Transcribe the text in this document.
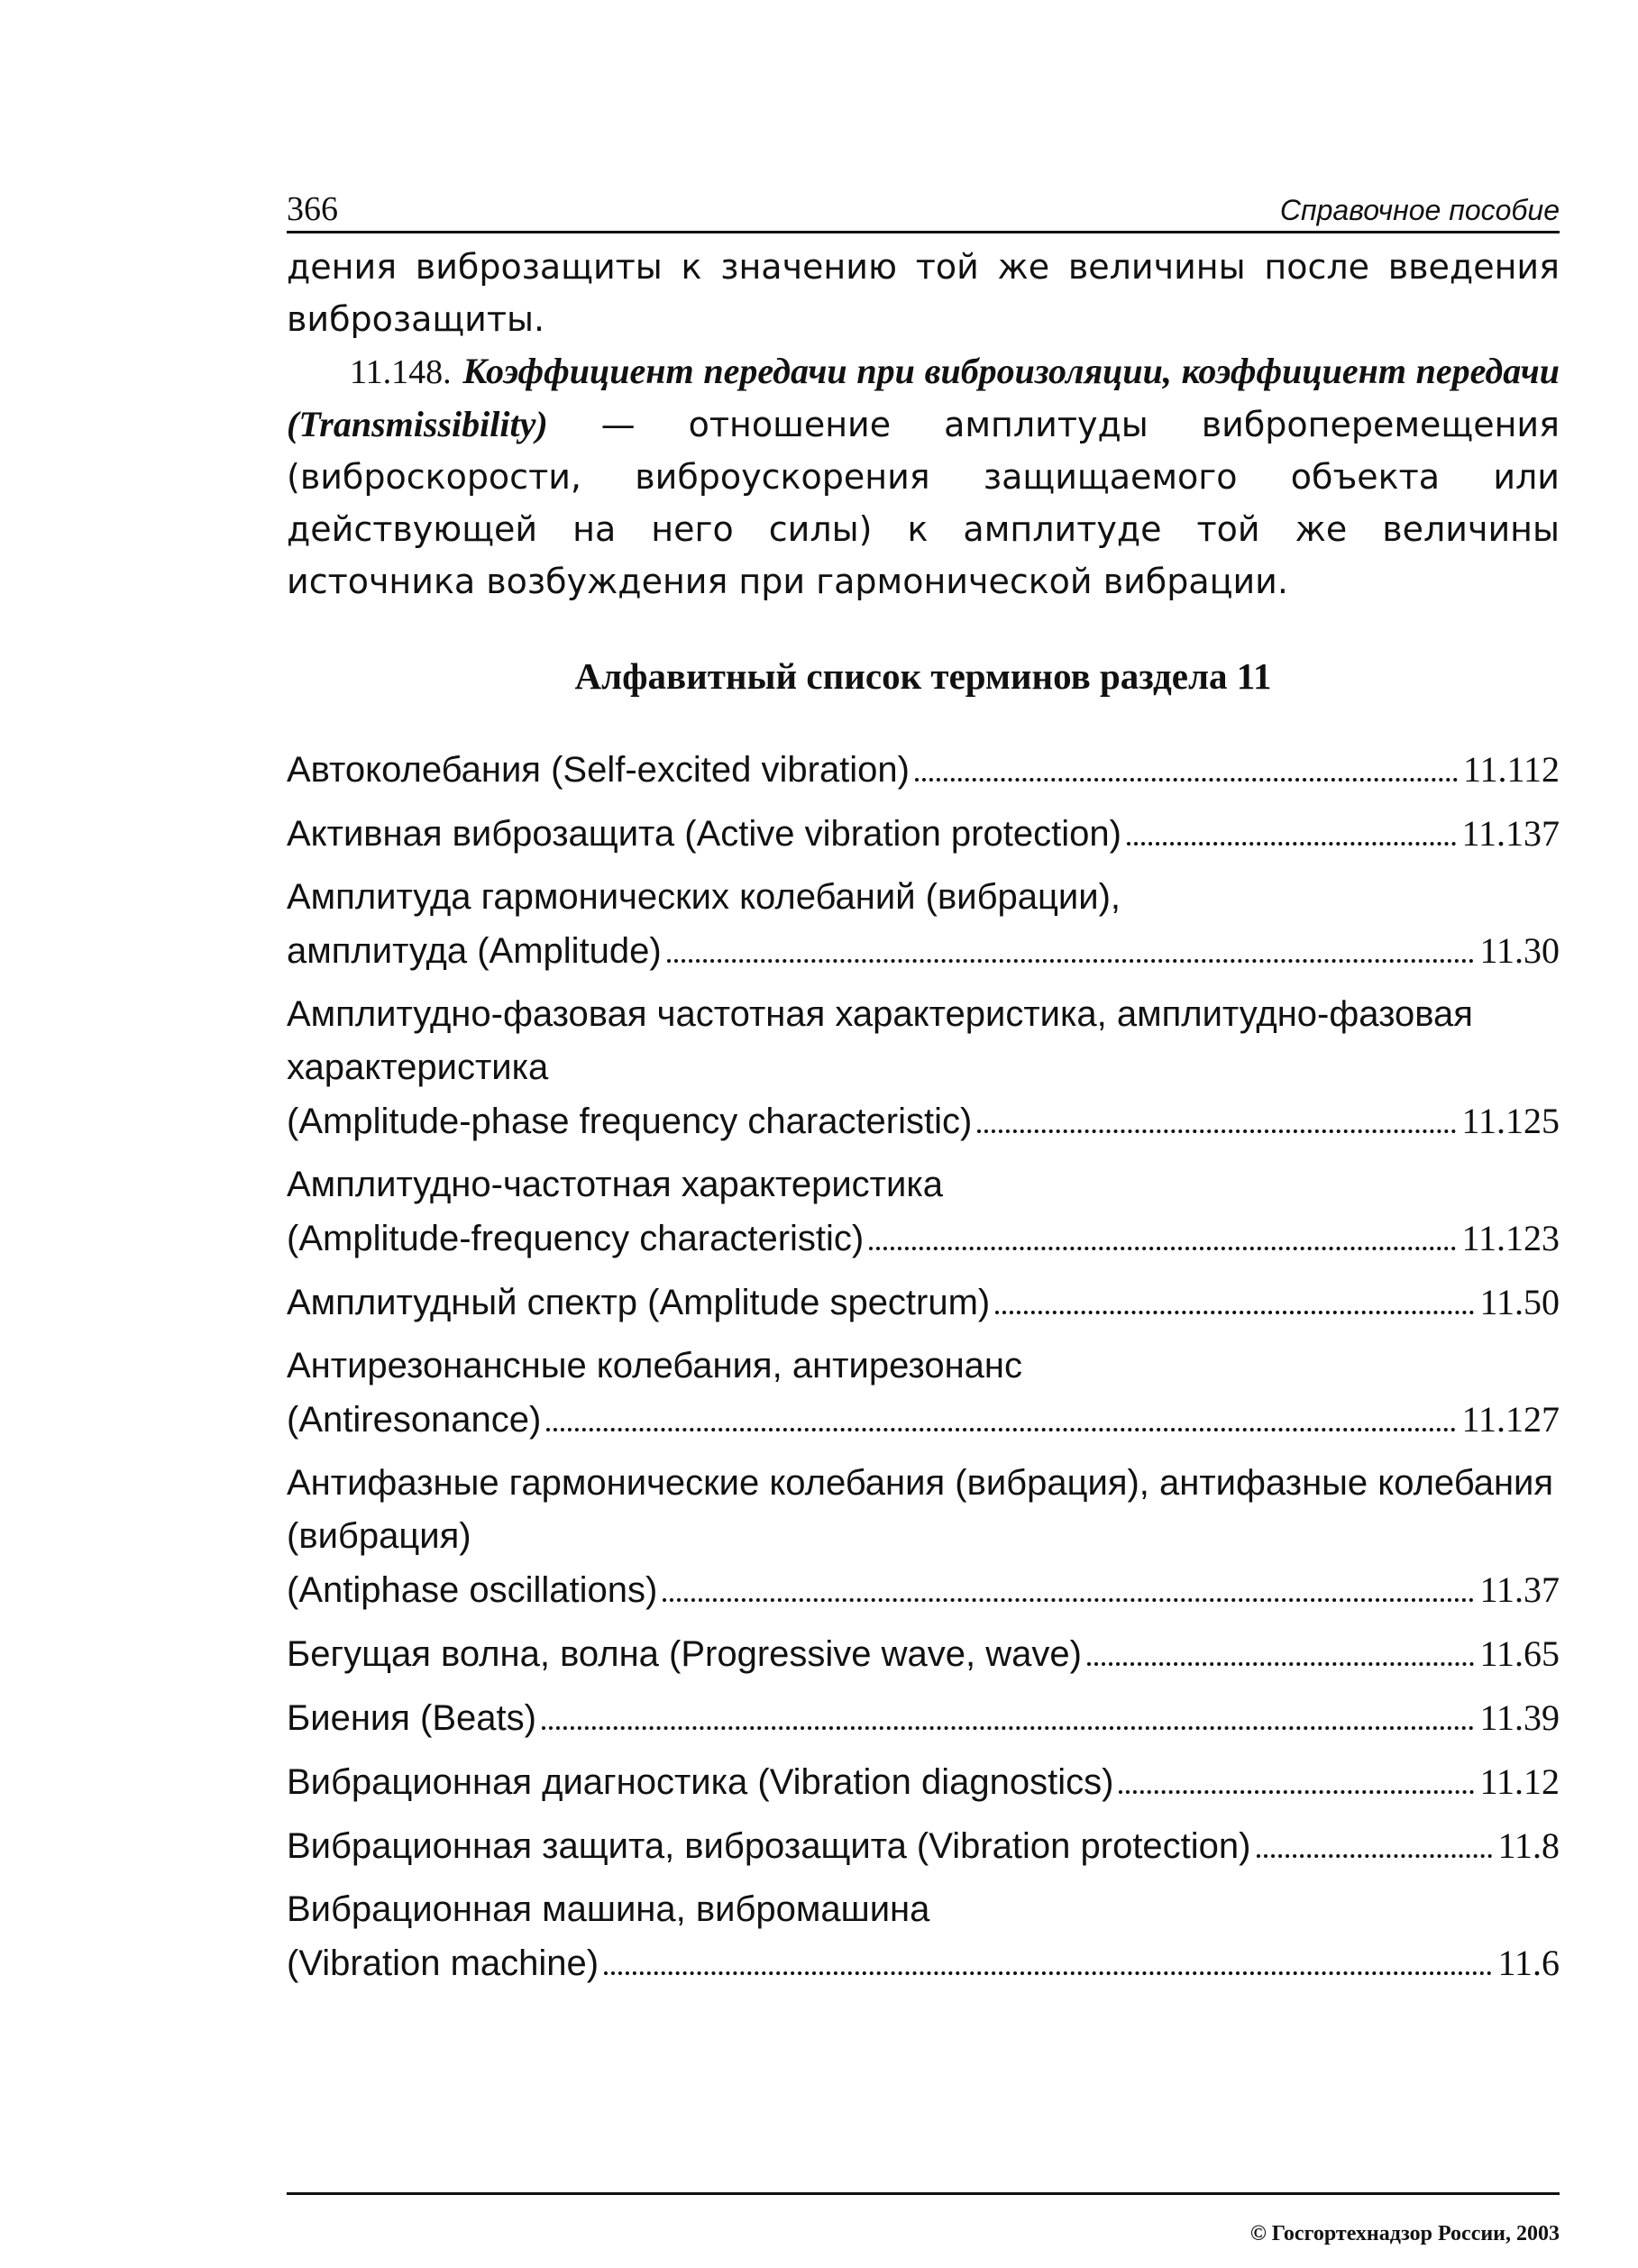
366	Справочное пособие

дения виброзащиты к значению той же величины после введения виброзащиты.

11.148. Коэффициент передачи при виброизоляции, коэффициент передачи (Transmissibility) — отношение амплитуды виброперемещения (виброскорости, виброускорения защищаемого объекта или действующей на него силы) к амплитуде той же величины источника возбуждения при гармонической вибрации.

Алфавитный список терминов раздела 11
Автоколебания (Self-excited vibration)	11.112
Активная виброзащита (Active vibration protection)	11.137
Амплитуда гармонических колебаний (вибрации),
амплитуда (Amplitude)	11.30
Амплитудно-фазовая частотная характеристика, амплитудно-фазовая характеристика
(Amplitude-phase frequency characteristic)	11.125
Амплитудно-частотная характеристика
(Amplitude-frequency characteristic)	11.123
Амплитудный спектр (Amplitude spectrum)	11.50
Антирезонансные колебания, антирезонанс
(Antiresonance)	11.127
Антифазные гармонические колебания (вибрация), антифазные колебания (вибрация)
(Antiphase oscillations)	11.37
Бегущая волна, волна (Progressive wave, wave)	11.65
Биения (Beats)	11.39
Вибрационная диагностика (Vibration diagnostics)	11.12
Вибрационная защита, виброзащита (Vibration protection)	11.8
Вибрационная машина, вибромашина
(Vibration machine)	11.6
© Госгортехнадзор России, 2003
